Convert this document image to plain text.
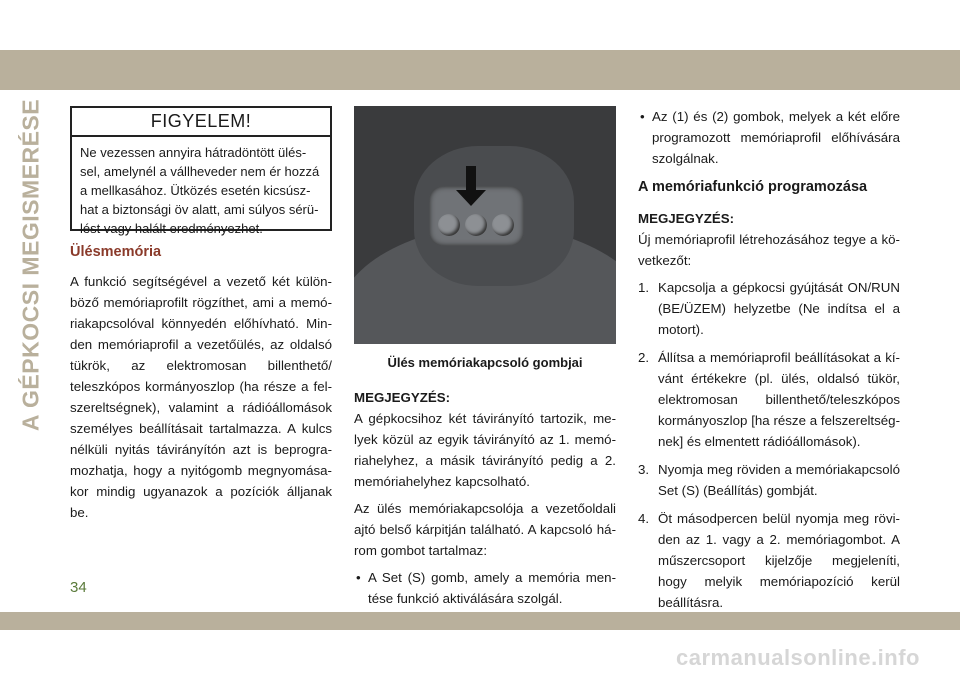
A GÉPKOCSI MEGISMERÉSE	FIGYELEM!
Ne vezessen annyira hátradöntött ülés-sel, amelynél a vállheveder nem ér hozzá a mellkasához. Ütközés esetén kicsúsz-hat a biztonsági öv alatt, ami súlyos sérü-lést vagy halált eredményezhet.
Ülésmemória

A funkció segítségével a vezető két külön-böző memóriaprofilt rögzíthet, ami a memó-riakapcsolóval könnyedén előhívható. Min-den memóriaprofil a vezetőülés, az oldalsó tükrök, az elektromosan billenthető/ teleszkópos kormányoszlop (ha része a fel-szereltségnek), valamint a rádióállomások személyes beállításait tartalmazza. A kulcs nélküli nyitás távirányítón azt is beprogra-mozhatja, hogy a nyitógomb megnyomása-kor mindig ugyanazok a pozíciók álljanak be.

Ülés memóriakapcsoló gombjai

MEGJEGYZÉS:

A gépkocsihoz két távirányító tartozik, me-lyek közül az egyik távirányító az 1. memó-riahelyhez, a másik távirányító pedig a 2. memóriahelyhez kapcsolható.

Az ülés memóriakapcsolója a vezetőoldali ajtó belső kárpitján található. A kapcsoló há-rom gombot tartalmaz:

• A Set (S) gomb, amely a memória men-tése funkció aktiválására szolgál.
• Az (1) és (2) gombok, melyek a két előre programozott memóriaprofil előhívására szolgálnak.
A memóriafunkció programozása

MEGJEGYZÉS:

Új memóriaprofil létrehozásához tegye a kö-vetkezőt:

1. Kapcsolja a gépkocsi gyújtását ON/RUN (BE/ÜZEM) helyzetbe (Ne indítsa el a motort).
2. Állítsa a memóriaprofil beállításokat a kí-vánt értékekre (pl. ülés, oldalsó tükör, elektromosan billenthető/teleszkópos kormányoszlop [ha része a felszereltség-nek] és elmentett rádióállomások).
3. Nyomja meg röviden a memóriakapcsoló Set (S) (Beállítás) gombját.
4. Öt másodpercen belül nyomja meg rövi-den az 1. vagy a 2. memóriagombot. A műszercsoport kijelzője megjeleníti, hogy melyik memóriapozíció kerül beállításra.
34
carmanualsonline.info
